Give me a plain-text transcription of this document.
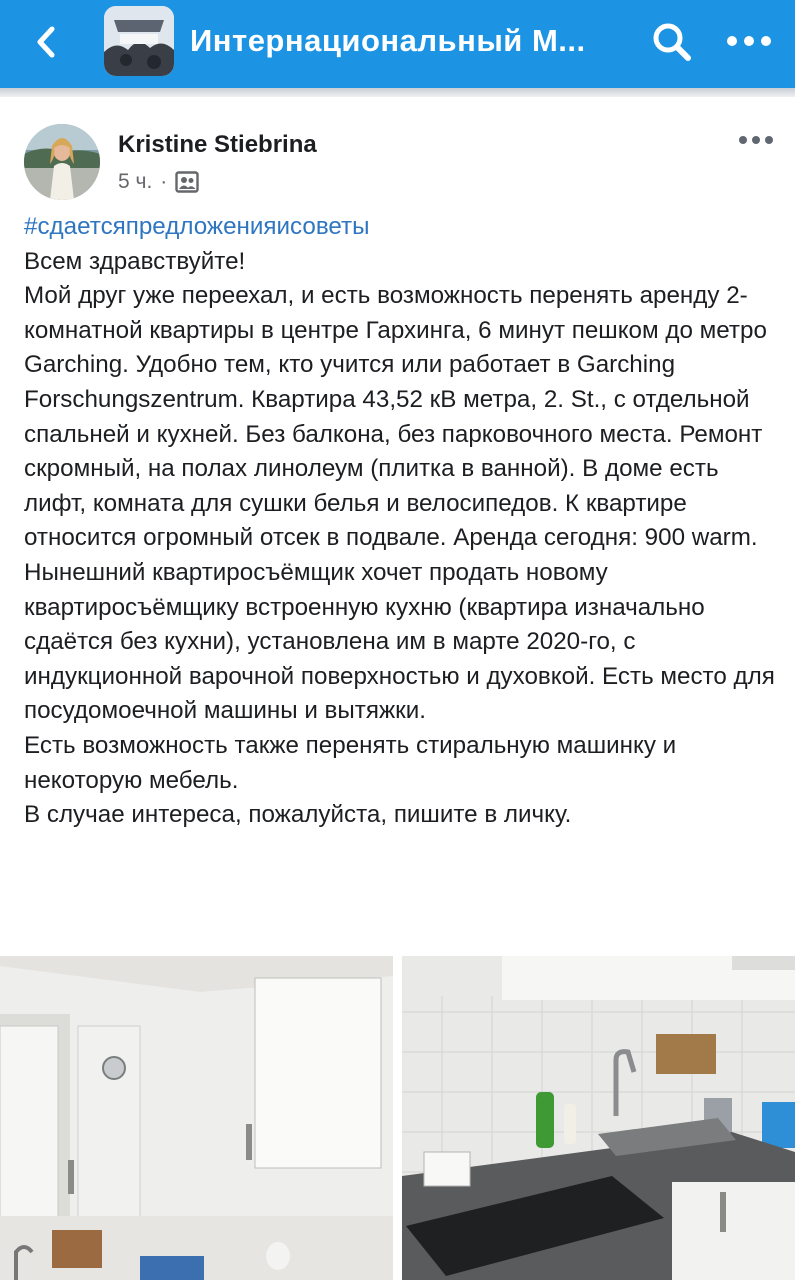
Интернациональный М...
Kristine Stiebrina
5 ч. ·

#сдаетсяпредложенияисоветы

Всем здравствуйте!

Мой друг уже переехал, и есть возможность перенять аренду 2-комнатной квартиры в центре Гархинга, 6 минут пешком до метро Garching. Удобно тем, кто учится или работает в Garching Forschungszentrum. Квартира 43,52 кВ метра, 2. St., с отдельной спальней и кухней. Без балкона, без парковочного места. Ремонт скромный, на полах линолеум (плитка в ванной). В доме есть лифт, комната для сушки белья и велосипедов. К квартире относится огромный отсек в подвале. Аренда сегодня: 900 warm.

Нынешний квартиросъёмщик хочет продать новому квартиросъёмщику встроенную кухню (квартира изначально сдаётся без кухни), установлена им в марте 2020-го, с индукционной варочной поверхностью и духовкой. Есть место для посудомоечной машины и вытяжки.

Есть возможность также перенять стиральную машинку и некоторую мебель.

В случае интереса, пожалуйста, пишите в личку.
